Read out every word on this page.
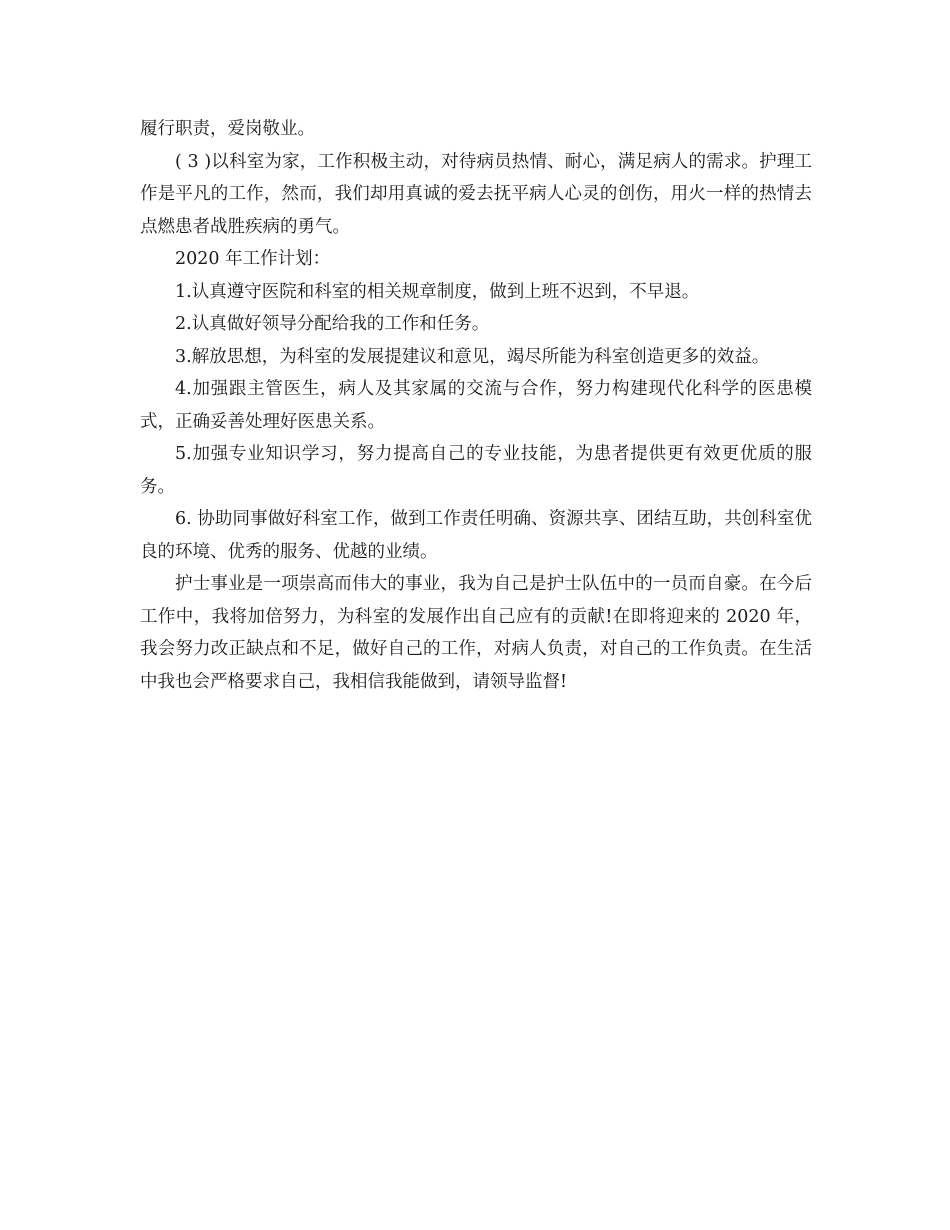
履行职责，爱岗敬业。

( 3 )以科室为家，工作积极主动，对待病员热情、耐心，满足病人的需求。护理工作是平凡的工作，然而，我们却用真诚的爱去抚平病人心灵的创伤，用火一样的热情去点燃患者战胜疾病的勇气。

2020 年工作计划：

1.认真遵守医院和科室的相关规章制度，做到上班不迟到，不早退。

2.认真做好领导分配给我的工作和任务。

3.解放思想，为科室的发展提建议和意见，竭尽所能为科室创造更多的效益。

4.加强跟主管医生，病人及其家属的交流与合作，努力构建现代化科学的医患模式，正确妥善处理好医患关系。

5.加强专业知识学习，努力提高自己的专业技能，为患者提供更有效更优质的服务。

6. 协助同事做好科室工作，做到工作责任明确、资源共享、团结互助，共创科室优良的环境、优秀的服务、优越的业绩。

护士事业是一项崇高而伟大的事业，我为自己是护士队伍中的一员而自豪。在今后工作中，我将加倍努力，为科室的发展作出自己应有的贡献!在即将迎来的 2020 年，我会努力改正缺点和不足，做好自己的工作，对病人负责，对自己的工作负责。在生活中我也会严格要求自己，我相信我能做到，请领导监督!
